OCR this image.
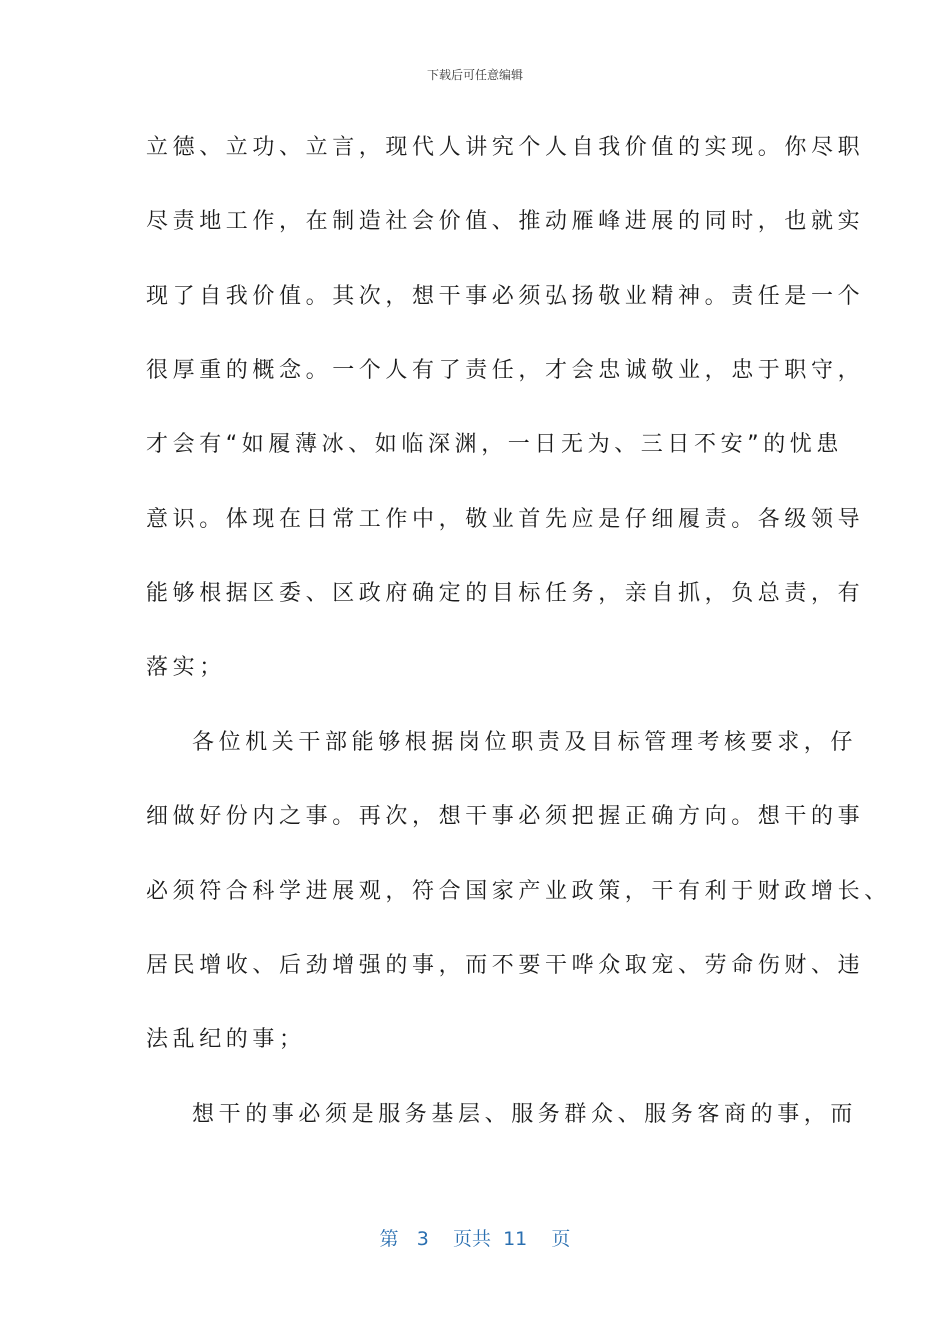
下载后可任意编辑
立德、立功、立言，现代人讲究个人自我价值的实现。你尽职
尽责地工作，在制造社会价值、推动雁峰进展的同时，也就实
现了自我价值。其次，想干事必须弘扬敬业精神。责任是一个
很厚重的概念。一个人有了责任，才会忠诚敬业，忠于职守，
才会有“如履薄冰、如临深渊，一日无为、三日不安”的忧患
意识。体现在日常工作中，敬业首先应是仔细履责。各级领导
能够根据区委、区政府确定的目标任务，亲自抓，负总责，有
落实；
各位机关干部能够根据岗位职责及目标管理考核要求，仔
细做好份内之事。再次，想干事必须把握正确方向。想干的事
必须符合科学进展观，符合国家产业政策，干有利于财政增长、
居民增收、后劲增强的事，而不要干哗众取宠、劳命伤财、违
法乱纪的事；
想干的事必须是服务基层、服务群众、服务客商的事，而
第 3 页共 11 页
